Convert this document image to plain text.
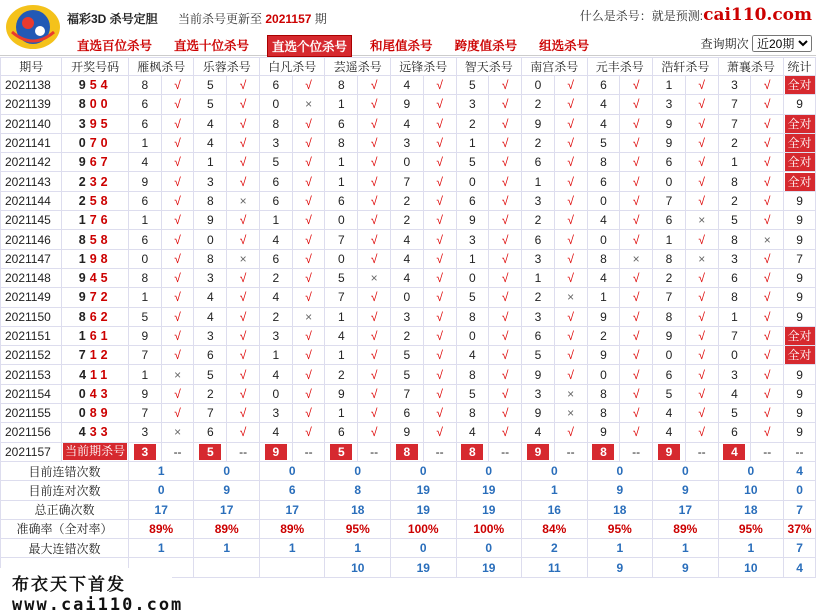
福彩3D 杀号定胆 当前杀号更新至 2021157 期	什么是杀号：就是预测:cai110.com
直选百位杀号	直选十位杀号	直选个位杀号	和尾值杀号	跨度值杀号	组选杀号	查询期次
近20期
期号	开奖号码	雁枫杀号		乐蓉杀号		白凡杀号		芸遥杀号		远锋杀号		智天杀号		南宫杀号		元丰杀号		浩轩杀号		萧襄杀号		统计
2021138	954	8	√	5	√	6	√	8	√	4	√	5	√	0	√	6	√	1	√	3	√	全对
2021139	800	6	√	5	√	0	×	1	√	9	√	3	√	2	√	4	√	3	√	7	√	9
2021140	395	6	√	4	√	8	√	6	√	4	√	2	√	9	√	4	√	9	√	7	√	全对
2021141	070	1	√	4	√	3	√	8	√	3	√	1	√	2	√	5	√	9	√	2	√	全对
2021142	967	4	√	1	√	5	√	1	√	0	√	5	√	6	√	8	√	6	√	1	√	全对
2021143	232	9	√	3	√	6	√	1	√	7	√	0	√	1	√	6	√	0	√	8	√	全对
2021144	258	6	√	8	×	6	√	6	√	2	√	6	√	3	√	0	√	7	√	2	√	9
2021145	176	1	√	9	√	1	√	0	√	2	√	9	√	2	√	4	√	6	×	5	√	9
2021146	858	6	√	0	√	4	√	7	√	4	√	3	√	6	√	0	√	1	√	8	×	9
2021147	198	0	√	8	×	6	√	0	√	4	√	1	√	3	√	8	×	8	×	3	√	7
2021148	945	8	√	3	√	2	√	5	×	4	√	0	√	1	√	4	√	2	√	6	√	9
2021149	972	1	√	4	√	4	√	7	√	0	√	5	√	2	×	1	√	7	√	8	√	9
2021150	862	5	√	4	√	2	×	1	√	3	√	8	√	3	√	9	√	8	√	1	√	9
2021151	161	9	√	3	√	3	√	4	√	2	√	0	√	6	√	2	√	9	√	7	√	全对
2021152	712	7	√	6	√	1	√	1	√	5	√	4	√	5	√	9	√	0	√	0	√	全对
2021153	411	1	×	5	√	4	√	2	√	5	√	8	√	9	√	0	√	6	√	3	√	9
2021154	043	9	√	2	√	0	√	9	√	7	√	5	√	3	×	8	√	5	√	4	√	9
2021155	089	7	√	7	√	3	√	1	√	6	√	8	√	9	×	8	√	4	√	5	√	9
2021156	433	3	×	6	√	4	√	6	√	9	√	4	√	4	√	9	√	4	√	6	√	9
2021157	当前期杀号	3	--	5	--	9	--	5	--	8	--	8	--	9	--	8	--	9	--	4	--	--
目前连错次数		1		0		0		0		0		0		0		0		0		0		4
目前连对次数		0		9		6		8		19		19		1		9		9		10		0
总正确次数		17		17		17		18		19		19		16		18		17		18		7
准确率（全对率）		89%		89%		89%		95%		100%		100%		84%		95%		89%		95%		37%
最大连错次数		1		1		1		1		0		0		2		1		1		1		7
								10		19		19		11		9		9		10		4
布衣天下首发 www.cai110.com
